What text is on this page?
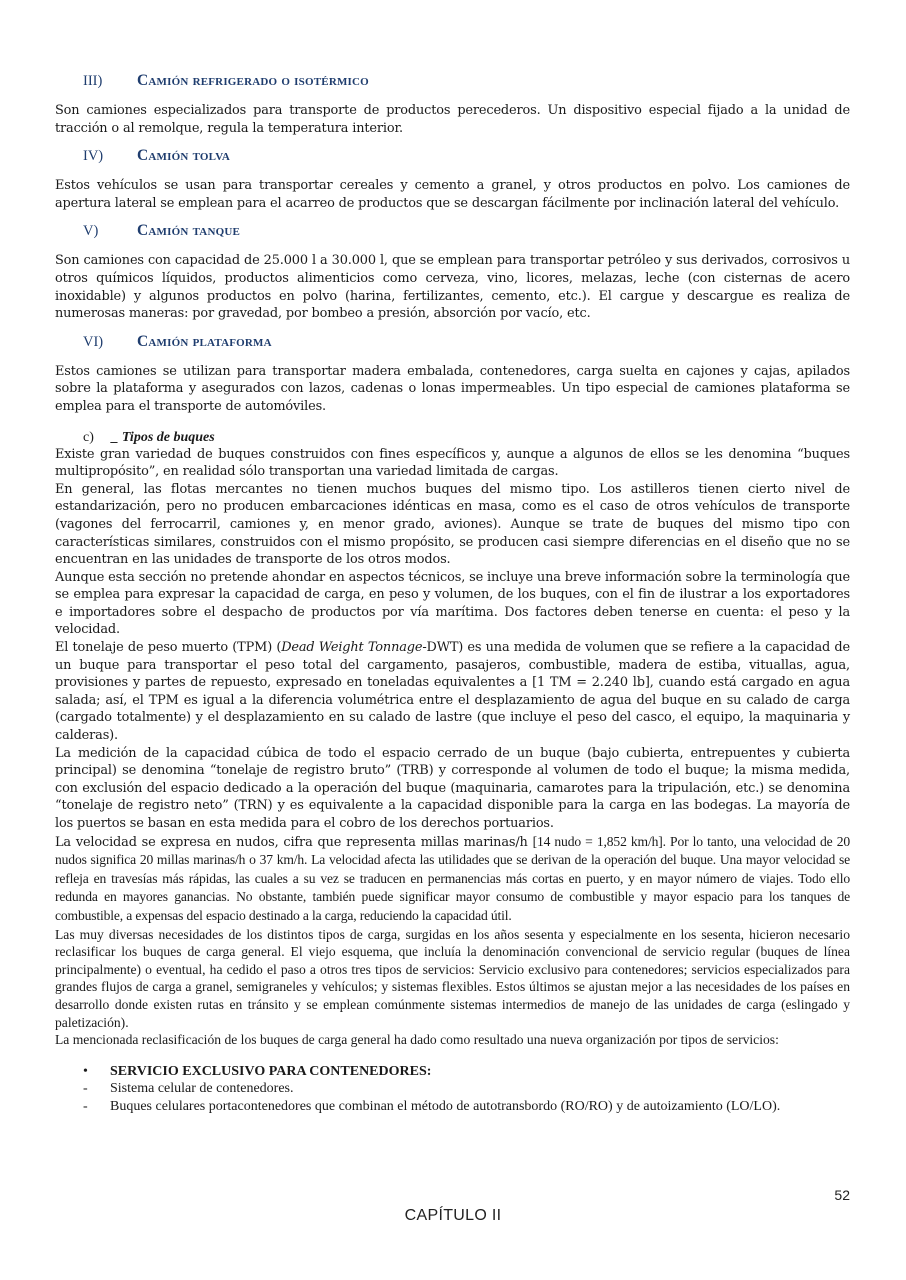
III)	Camión refrigerado o isotérmico

Son camiones especializados para transporte de productos perecederos. Un dispositivo especial fijado a la unidad de tracción o al remolque, regula la temperatura interior.

IV)	Camión tolva

Estos vehículos se usan para transportar cereales y cemento a granel, y otros productos en polvo. Los camiones de apertura lateral se emplean para el acarreo de productos que se descargan fácilmente por inclinación lateral del vehículo.

V)	Camión tanque

Son camiones con capacidad de 25.000 l a 30.000 l, que se emplean para transportar petróleo y sus derivados, corrosivos u otros químicos líquidos, productos alimenticios como cerveza, vino, licores, melazas, leche (con cisternas de acero inoxidable) y algunos productos en polvo (harina, fertilizantes, cemento, etc.). El cargue y descargue es realiza de numerosas maneras: por gravedad, por bombeo a presión, absorción por vacío, etc.

VI)	Camión plataforma

Estos camiones se utilizan para transportar madera embalada, contenedores, carga suelta en cajones y cajas, apilados sobre la plataforma y asegurados con lazos, cadenas o lonas impermeables. Un tipo especial de camiones plataforma se emplea para el transporte de automóviles.

c) _ Tipos de buques

Existe gran variedad de buques construidos con fines específicos y, aunque a algunos de ellos se les denomina “buques multipropósito”, en realidad sólo transportan una variedad limitada de cargas.

En general, las flotas mercantes no tienen muchos buques del mismo tipo. Los astilleros tienen cierto nivel de estandarización, pero no producen embarcaciones idénticas en masa, como es el caso de otros vehículos de transporte (vagones del ferrocarril, camiones y, en menor grado, aviones). Aunque se trate de buques del mismo tipo con características similares, construidos con el mismo propósito, se producen casi siempre diferencias en el diseño que no se encuentran en las unidades de transporte de los otros modos.

Aunque esta sección no pretende ahondar en aspectos técnicos, se incluye una breve información sobre la terminología que se emplea para expresar la capacidad de carga, en peso y volumen, de los buques, con el fin de ilustrar a los exportadores e importadores sobre el despacho de productos por vía marítima. Dos factores deben tenerse en cuenta: el peso y la velocidad.

El tonelaje de peso muerto (TPM) (Dead Weight Tonnage-DWT) es una medida de volumen que se refiere a la capacidad de un buque para transportar el peso total del cargamento, pasajeros, combustible, madera de estiba, vituallas, agua, provisiones y partes de repuesto, expresado en toneladas equivalentes a [1 TM = 2.240 lb], cuando está cargado en agua salada; así, el TPM es igual a la diferencia volumétrica entre el desplazamiento de agua del buque en su calado de carga (cargado totalmente) y el desplazamiento en su calado de lastre (que incluye el peso del casco, el equipo, la maquinaria y calderas).

La medición de la capacidad cúbica de todo el espacio cerrado de un buque (bajo cubierta, entrepuentes y cubierta principal) se denomina “tonelaje de registro bruto” (TRB) y corresponde al volumen de todo el buque; la misma medida, con exclusión del espacio dedicado a la operación del buque (maquinaria, camarotes para la tripulación, etc.) se denomina “tonelaje de registro neto” (TRN) y es equivalente a la capacidad disponible para la carga en las bodegas. La mayoría de los puertos se basan en esta medida para el cobro de los derechos portuarios.

La velocidad se expresa en nudos, cifra que representa millas marinas/h [14 nudo = 1,852 km/h]. Por lo tanto, una velocidad de 20 nudos significa 20 millas marinas/h o 37 km/h. La velocidad afecta las utilidades que se derivan de la operación del buque. Una mayor velocidad se refleja en travesías más rápidas, las cuales a su vez se traducen en permanencias más cortas en puerto, y en mayor número de viajes. Todo ello redunda en mayores ganancias. No obstante, también puede significar mayor consumo de combustible y mayor espacio para los tanques de combustible, a expensas del espacio destinado a la carga, reduciendo la capacidad útil.

Las muy diversas necesidades de los distintos tipos de carga, surgidas en los años sesenta y especialmente en los sesenta, hicieron necesario reclasificar los buques de carga general. El viejo esquema, que incluía la denominación convencional de servicio regular (buques de línea principalmente) o eventual, ha cedido el paso a otros tres tipos de servicios: Servicio exclusivo para contenedores; servicios especializados para grandes flujos de carga a granel, semigraneles y vehículos; y sistemas flexibles. Estos últimos se ajustan mejor a las necesidades de los países en desarrollo donde existen rutas en tránsito y se emplean comúnmente sistemas intermedios de manejo de las unidades de carga (eslingado y paletización).

La mencionada reclasificación de los buques de carga general ha dado como resultado una nueva organización por tipos de servicios:

•	SERVICIO EXCLUSIVO PARA CONTENEDORES:
-	Sistema celular de contenedores.
-	Buques celulares portacontenedores que combinan el método de autotransbordo (RO/RO) y de autoizamiento (LO/LO).
52
CAPÍTULO II
